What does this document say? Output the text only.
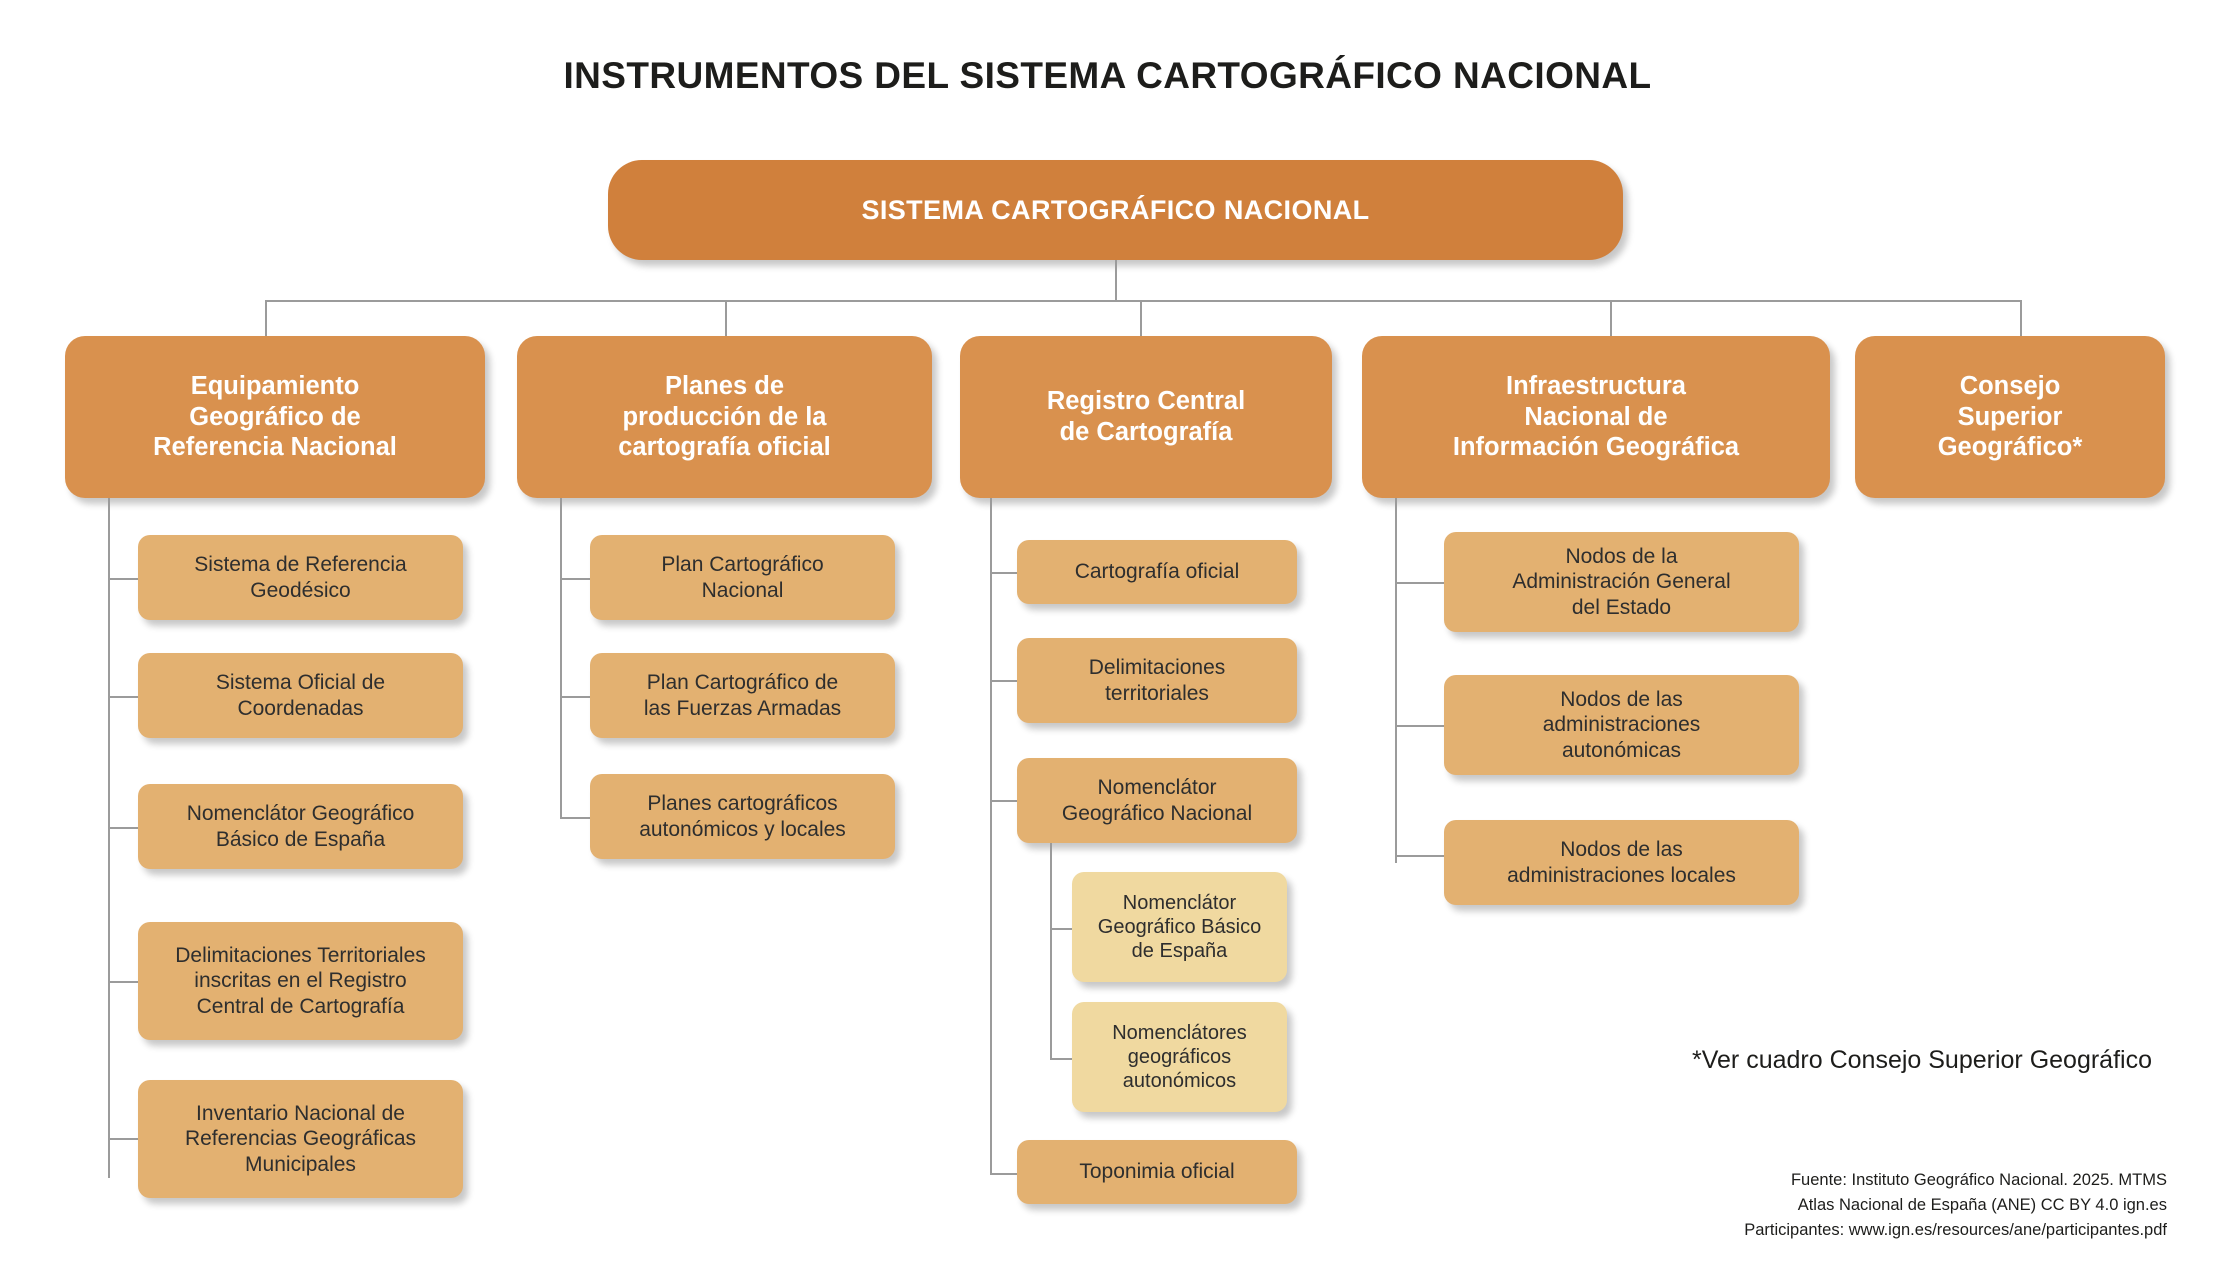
INSTRUMENTOS DEL SISTEMA CARTOGRÁFICO NACIONAL
SISTEMA CARTOGRÁFICO NACIONAL
Equipamiento
Geográfico de
Referencia Nacional
Planes de
producción de la
cartografía oficial
Registro Central
de Cartografía
Infraestructura
Nacional de
Información Geográfica
Consejo
Superior
Geográfico*
Sistema de Referencia
Geodésico
Sistema Oficial de
Coordenadas
Nomenclátor Geográfico
Básico de España
Delimitaciones Territoriales
inscritas en el Registro
Central de Cartografía
Inventario Nacional de
Referencias Geográficas
Municipales
Plan Cartográfico
Nacional
Plan Cartográfico de
las Fuerzas Armadas
Planes cartográficos
autonómicos y locales
Cartografía oficial
Delimitaciones
territoriales
Nomenclátor
Geográfico Nacional
Toponimia oficial
Nomenclátor
Geográfico Básico
de España
Nomenclátores
geográficos
autonómicos
Nodos de la
Administración General
del Estado
Nodos de las
administraciones
autonómicas
Nodos de las
administraciones locales
*Ver cuadro Consejo Superior Geográfico
Fuente: Instituto Geográfico Nacional. 2025. MTMS
Atlas Nacional de España (ANE) CC BY 4.0 ign.es
Participantes: www.ign.es/resources/ane/participantes.pdf
